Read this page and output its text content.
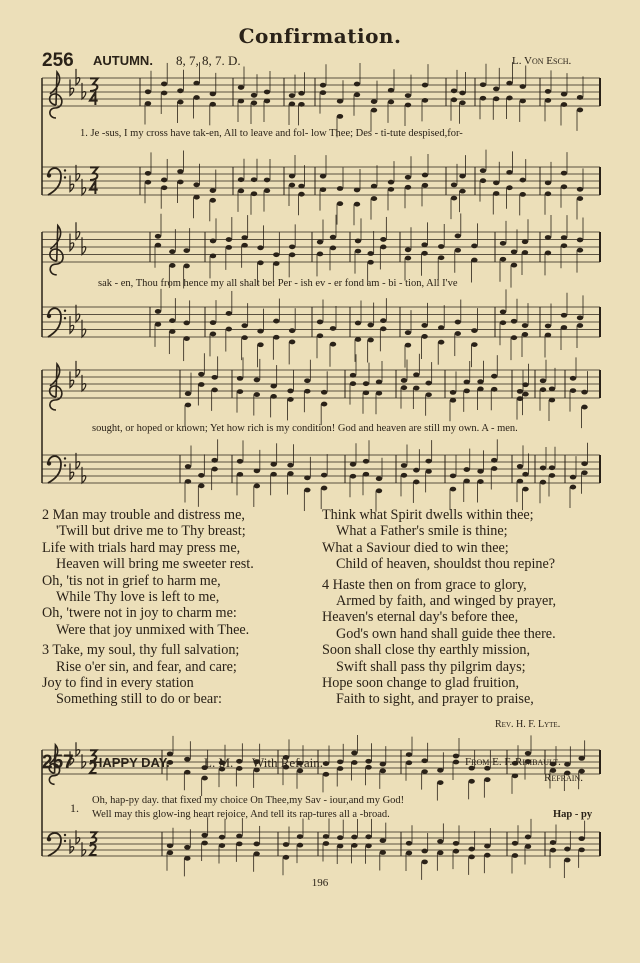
Confirmation.
256 AUTUMN. 8, 7, 8, 7. D.	L. Von Esch.
1. Je -sus, I my cross have tak-en, All to leave and fol- low Thee; Des - ti-tute despised,for-
sak - en, Thou from hence my all shalt be: Per - ish ev - er fond am - bi - tion, All I've
sought, or hoped or known; Yet how rich is my condition! God and heaven are still my own. A - men.
2 Man may trouble and distress me,
'Twill but drive me to Thy breast;
Life with trials hard may press me,
Heaven will bring me sweeter rest.
Oh, 'tis not in grief to harm me,
While Thy love is left to me,
Oh, 'twere not in joy to charm me:
Were that joy unmixed with Thee.
3 Take, my soul, thy full salvation;
Rise o'er sin, and fear, and care;
Joy to find in every station
Something still to do or bear:
Think what Spirit dwells within thee;
What a Father's smile is thine;
What a Saviour died to win thee;
Child of heaven, shouldst thou repine?
4 Haste then on from grace to glory,
Armed by faith, and winged by prayer,
Heaven's eternal day's before thee,
God's own hand shall guide thee there.
Soon shall close thy earthly mission,
Swift shall pass thy pilgrim days;
Hope soon change to glad fruition,
Faith to sight, and prayer to praise,
Rev. H. F. Lyte.
257 HAPPY DAY.	L. M. With Refrain.	From E. F. Rimbault.
Refrain.
1.
Oh, hap-py day. that fixed my choice On Thee,my Sav - iour,and my God!
Well may this glow-ing heart rejoice, And tell its rap-tures all a -broad.	Hap - py
196
